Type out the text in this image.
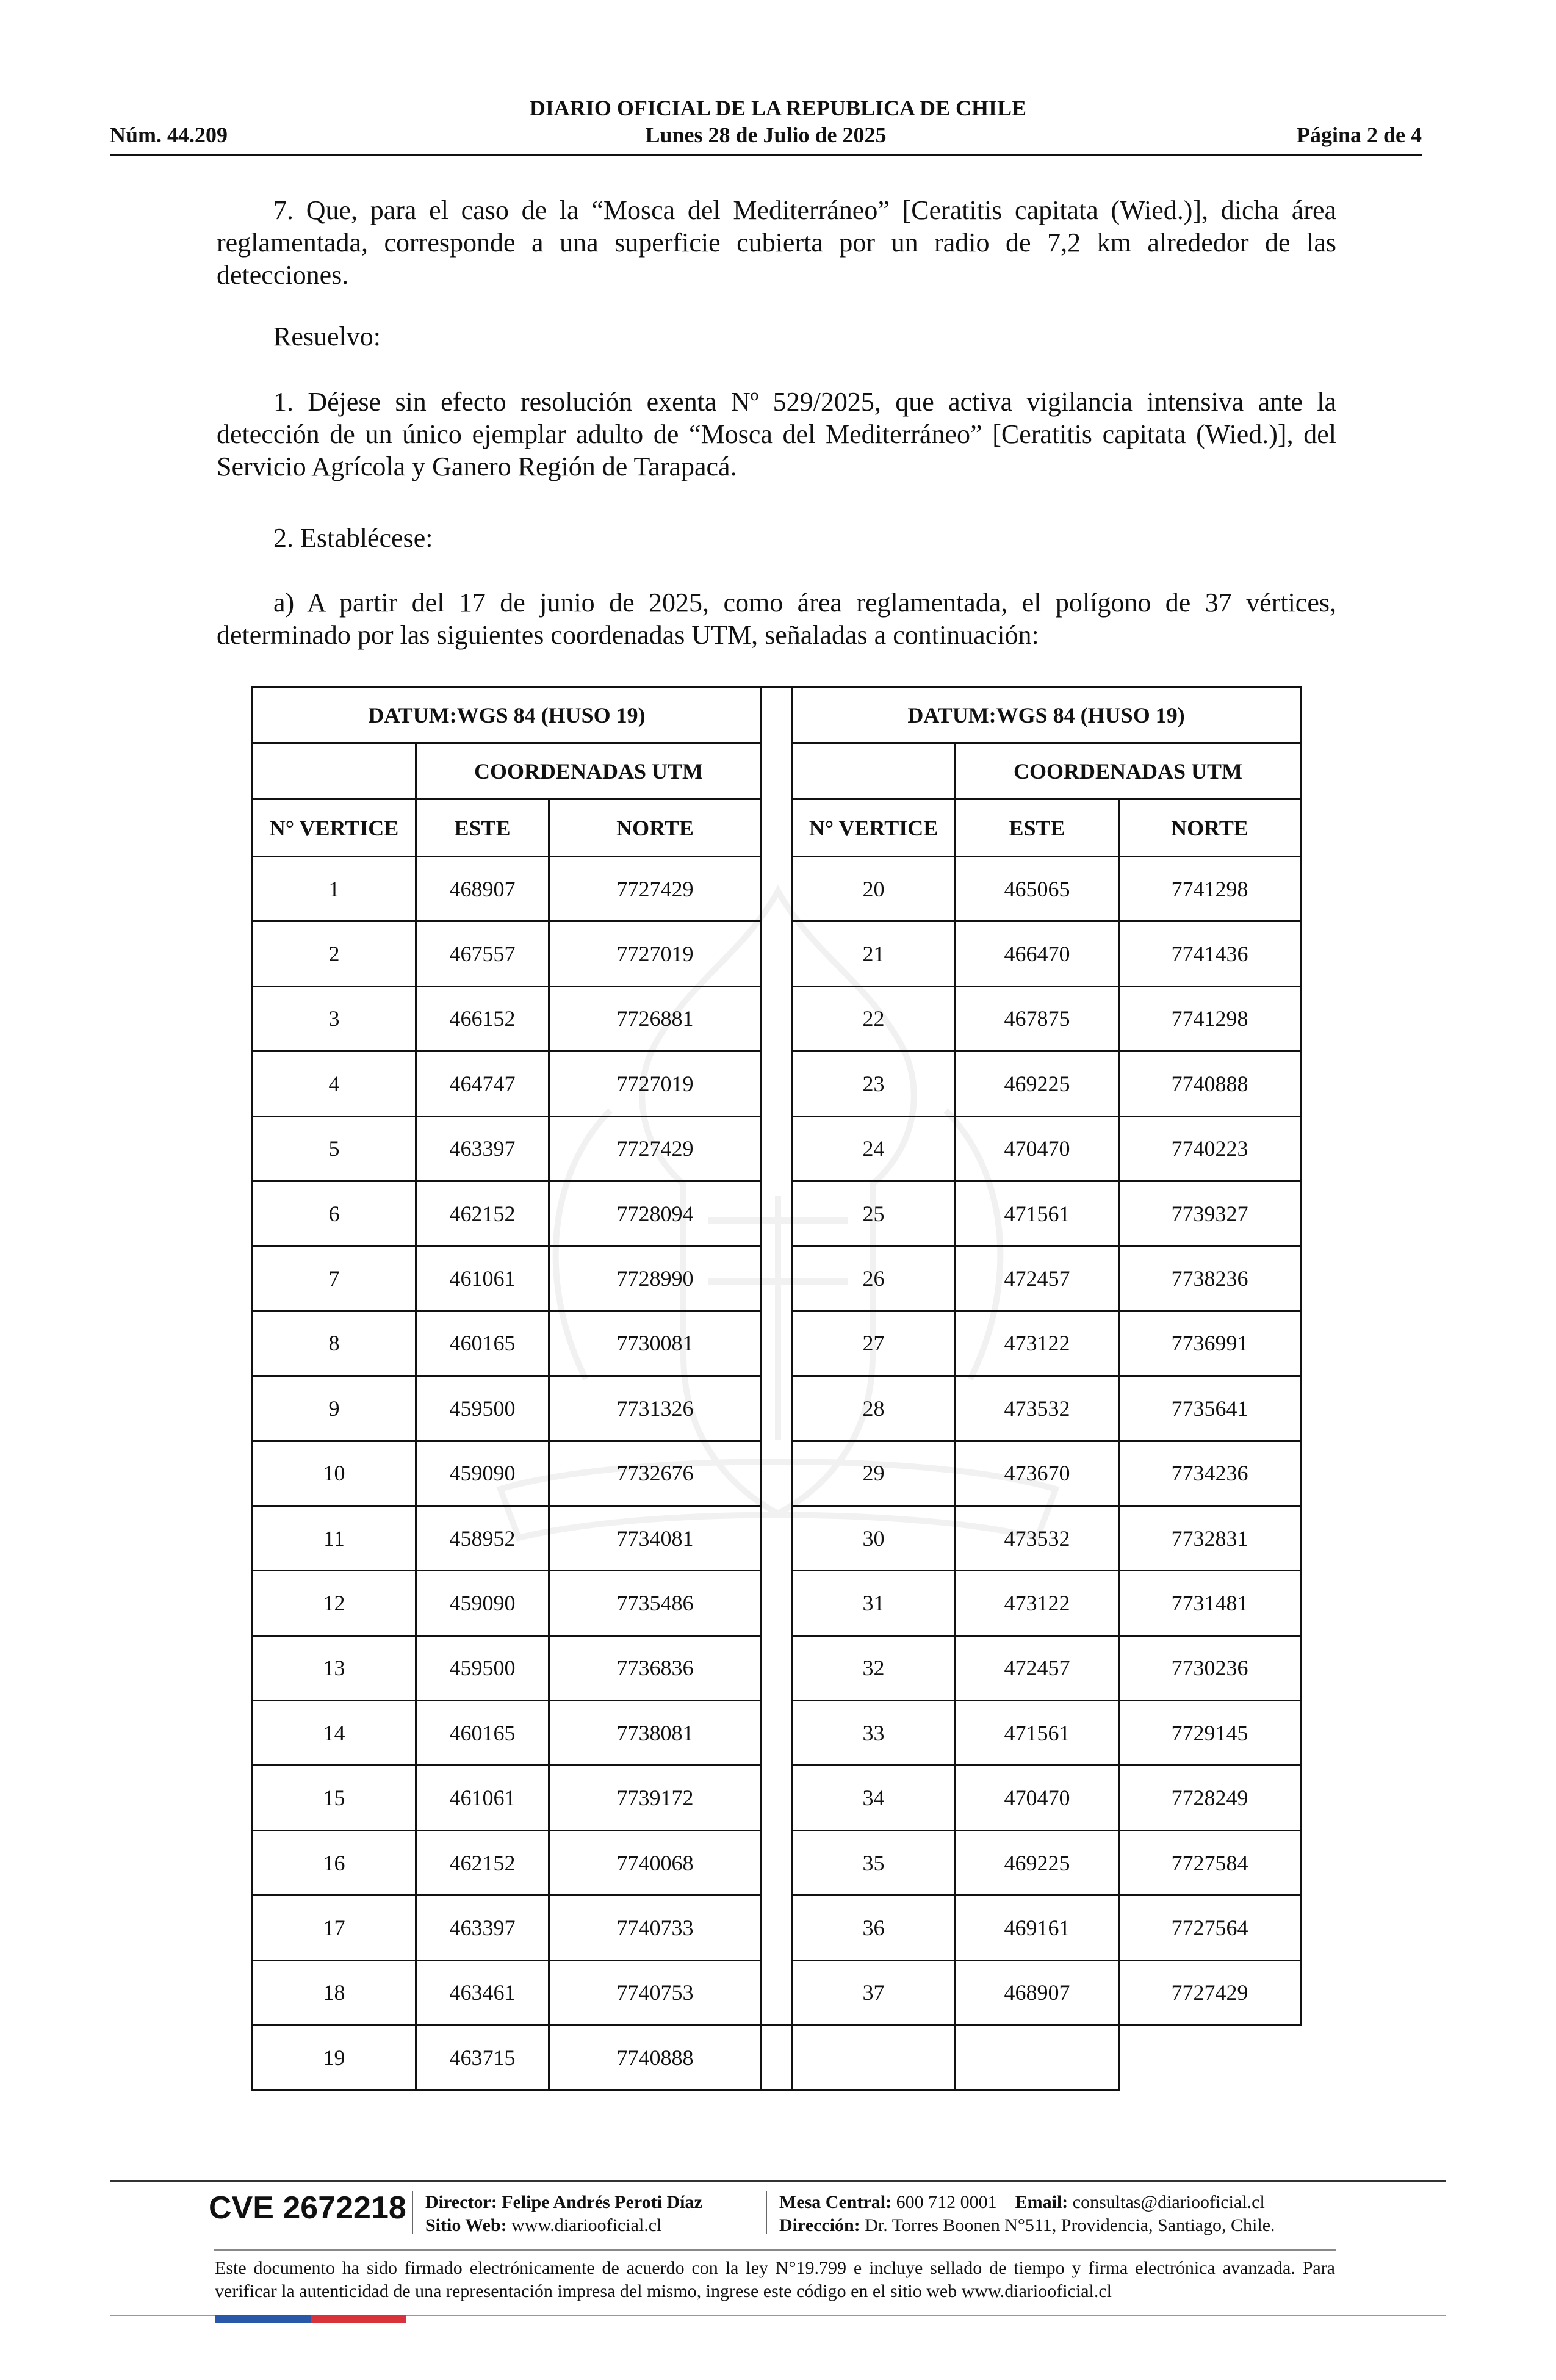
DIARIO OFICIAL DE LA REPUBLICA DE CHILE
Núm. 44.209	Lunes 28 de Julio de 2025	Página 2 de 4

7. Que, para el caso de la “Mosca del Mediterráneo” [Ceratitis capitata (Wied.)], dicha área reglamentada, corresponde a una superficie cubierta por un radio de 7,2 km alrededor de las detecciones.

Resuelvo:

1. Déjese sin efecto resolución exenta Nº 529/2025, que activa vigilancia intensiva ante la detección de un único ejemplar adulto de “Mosca del Mediterráneo” [Ceratitis capitata (Wied.)], del Servicio Agrícola y Ganero Región de Tarapacá.

2. Establécese:

a) A partir del 17 de junio de 2025, como área reglamentada, el polígono de 37 vértices, determinado por las siguientes coordenadas UTM, señaladas a continuación:

DATUM:WGS 84 (HUSO 19)				DATUM:WGS 84 (HUSO 19)		
	COORDENADAS UTM				COORDENADAS UTM	
N° VERTICE	ESTE	NORTE		N° VERTICE	ESTE	NORTE
1	468907	7727429		20	465065	7741298
2	467557	7727019		21	466470	7741436
3	466152	7726881		22	467875	7741298
4	464747	7727019		23	469225	7740888
5	463397	7727429		24	470470	7740223
6	462152	7728094		25	471561	7739327
7	461061	7728990		26	472457	7738236
8	460165	7730081		27	473122	7736991
9	459500	7731326		28	473532	7735641
10	459090	7732676		29	473670	7734236
11	458952	7734081		30	473532	7732831
12	459090	7735486		31	473122	7731481
13	459500	7736836		32	472457	7730236
14	460165	7738081		33	471561	7729145
15	461061	7739172		34	470470	7728249
16	462152	7740068		35	469225	7727584
17	463397	7740733		36	469161	7727564
18	463461	7740753		37	468907	7727429
19	463715	7740888				
CVE 2672218 Director: Felipe Andrés Peroti Díaz
Sitio Web: www.diariooficial.cl
Mesa Central: 600 712 0001 Email: consultas@diariooficial.cl
Dirección: Dr. Torres Boonen N°511, Providencia, Santiago, Chile.

Este documento ha sido firmado electrónicamente de acuerdo con la ley N°19.799 e incluye sellado de tiempo y firma electrónica avanzada. Para verificar la autenticidad de una representación impresa del mismo, ingrese este código en el sitio web www.diariooficial.cl
